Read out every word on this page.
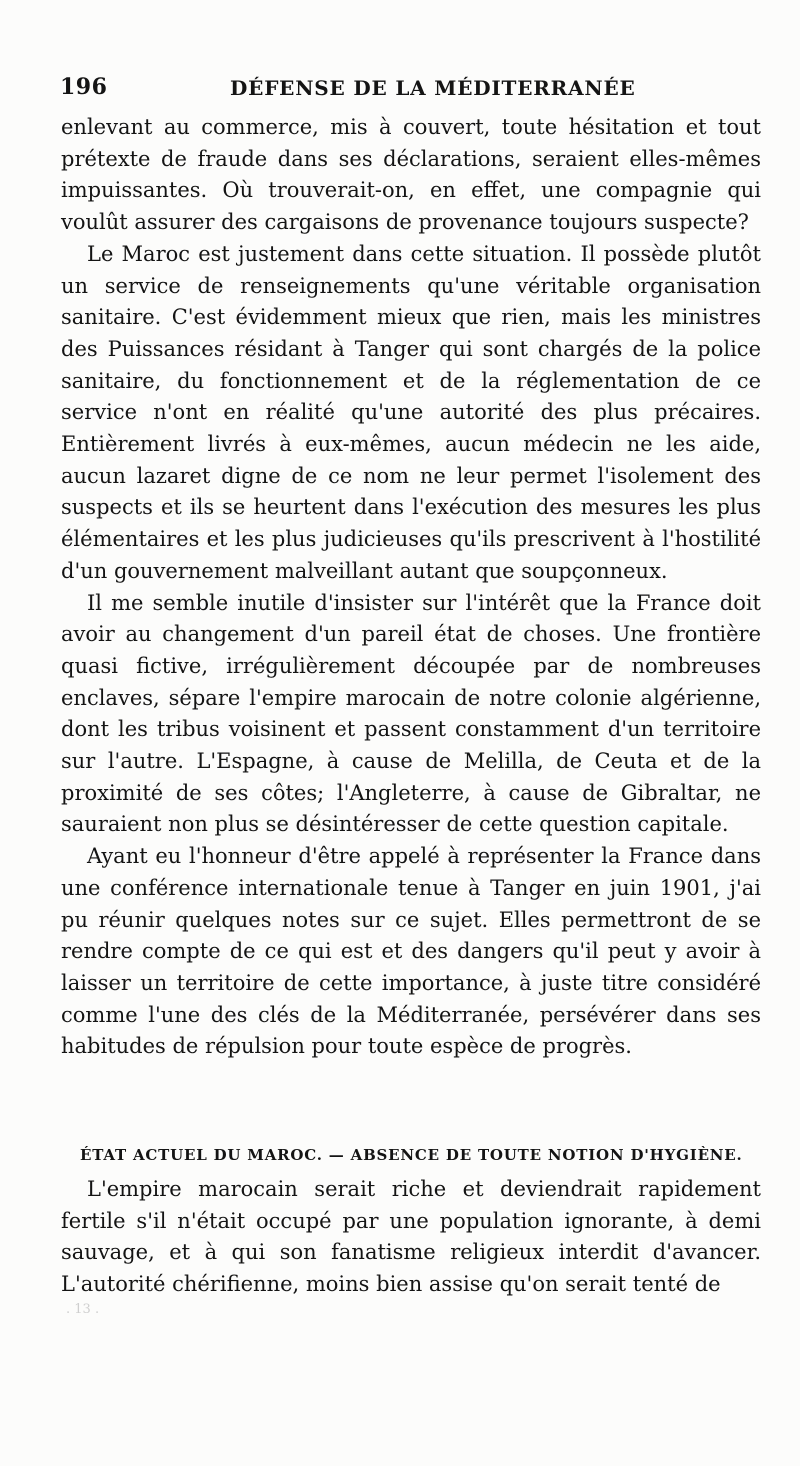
196	DÉFENSE DE LA MÉDITERRANÉE

enlevant au commerce, mis à couvert, toute hésitation et tout prétexte de fraude dans ses déclarations, seraient elles-mêmes impuissantes. Où trouverait-on, en effet, une compagnie qui voulût assurer des cargaisons de provenance toujours suspecte?

Le Maroc est justement dans cette situation. Il possède plutôt un service de renseignements qu'une véritable organisation sanitaire. C'est évidemment mieux que rien, mais les ministres des Puissances résidant à Tanger qui sont chargés de la police sanitaire, du fonctionnement et de la réglementation de ce service n'ont en réalité qu'une autorité des plus précaires. Entièrement livrés à eux-mêmes, aucun médecin ne les aide, aucun lazaret digne de ce nom ne leur permet l'isolement des suspects et ils se heurtent dans l'exécution des mesures les plus élémentaires et les plus judicieuses qu'ils prescrivent à l'hostilité d'un gouvernement malveillant autant que soupçonneux.

Il me semble inutile d'insister sur l'intérêt que la France doit avoir au changement d'un pareil état de choses. Une frontière quasi fictive, irrégulièrement découpée par de nombreuses enclaves, sépare l'empire marocain de notre colonie algérienne, dont les tribus voisinent et passent constamment d'un territoire sur l'autre. L'Espagne, à cause de Melilla, de Ceuta et de la proximité de ses côtes; l'Angleterre, à cause de Gibraltar, ne sauraient non plus se désintéresser de cette question capitale.

Ayant eu l'honneur d'être appelé à représenter la France dans une conférence internationale tenue à Tanger en juin 1901, j'ai pu réunir quelques notes sur ce sujet. Elles permettront de se rendre compte de ce qui est et des dangers qu'il peut y avoir à laisser un territoire de cette importance, à juste titre considéré comme l'une des clés de la Méditerranée, persévérer dans ses habitudes de répulsion pour toute espèce de progrès.

ÉTAT ACTUEL DU MAROC. — ABSENCE DE TOUTE NOTION D'HYGIÈNE.

L'empire marocain serait riche et deviendrait rapidement fertile s'il n'était occupé par une population ignorante, à demi sauvage, et à qui son fanatisme religieux interdit d'avancer. L'autorité chérifienne, moins bien assise qu'on serait tenté de

. 13 .
